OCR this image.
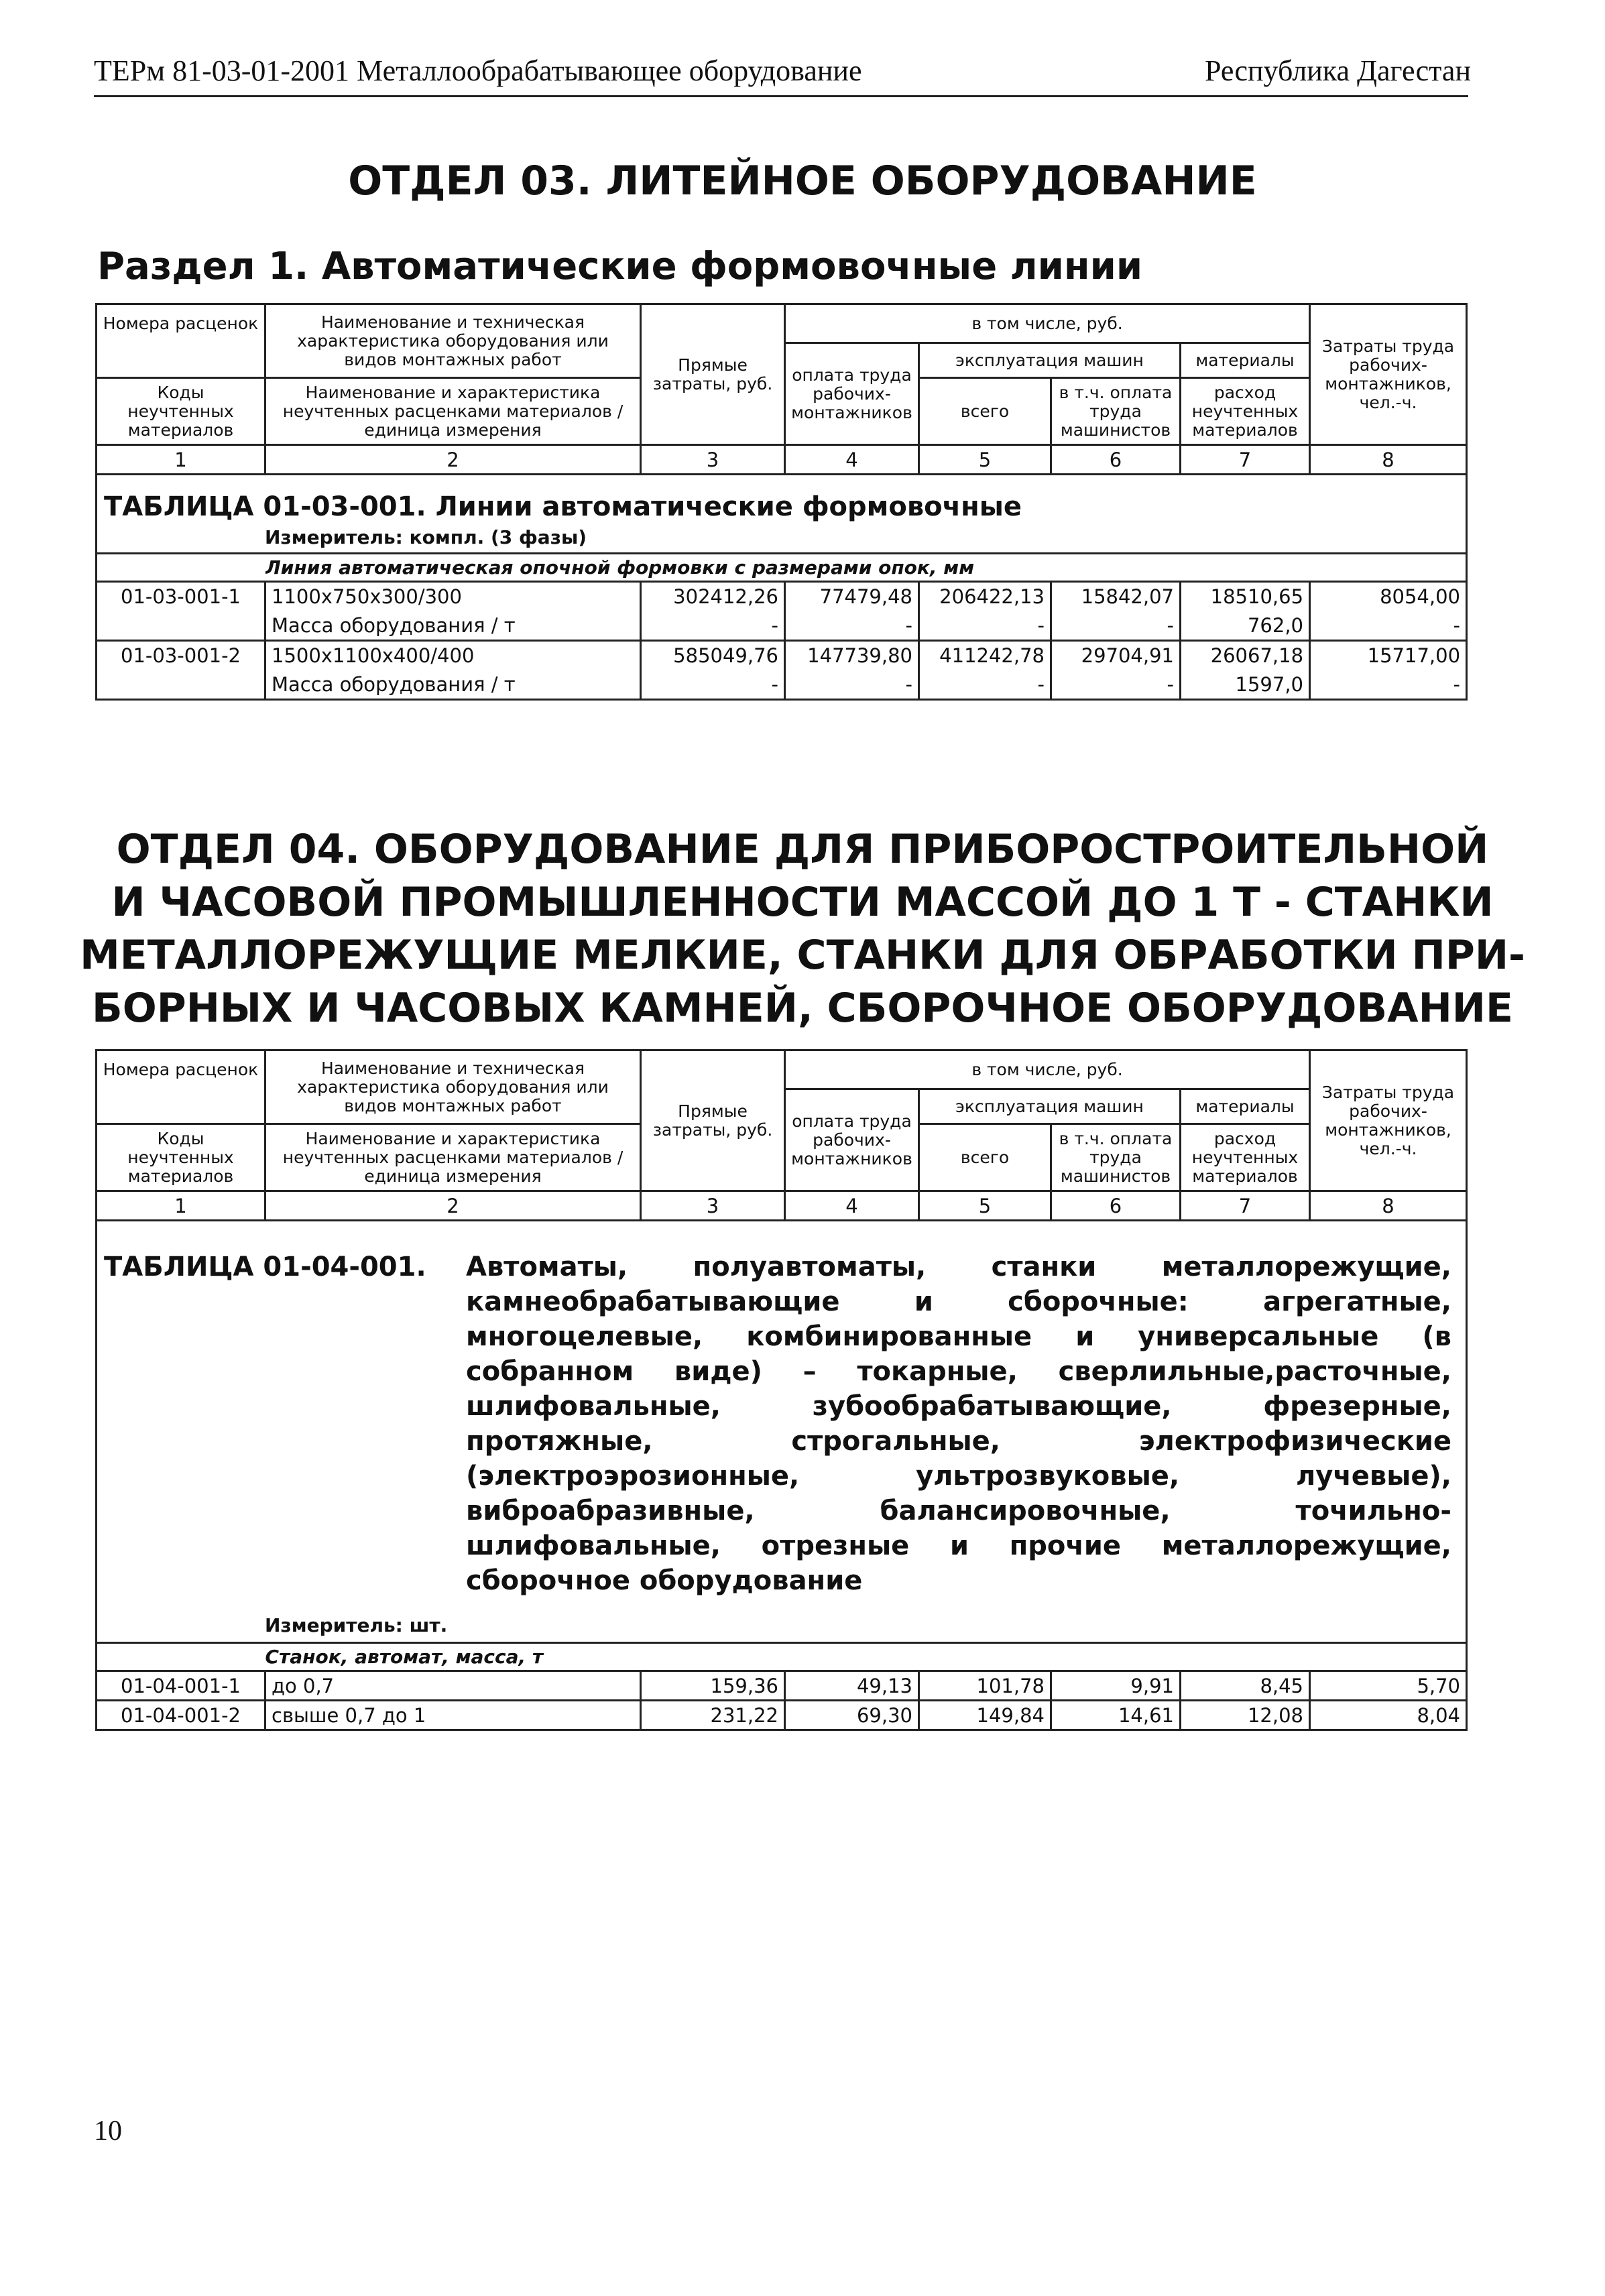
ТЕРм 81-03-01-2001 Металлообрабатывающее оборудование	Республика Дагестан
ОТДЕЛ 03. ЛИТЕЙНОЕ ОБОРУДОВАНИЕ
Раздел 1. Автоматические формовочные линии
Номера расценок	Наименование и техническая характеристика оборудования или видов монтажных работ	Прямые затраты, руб.	в том числе, руб.				Затраты труда рабочих-монтажников, чел.-ч.
			оплата труда рабочих-монтажников	эксплуатация машин		материалы	
Коды неучтенных материалов	Наименование и характеристика неучтенных расценками материалов / единица измерения			всего	в т.ч. оплата труда машинистов	расход неучтенных материалов	
1	2	3	4	5	6	7	8
ТАБЛИЦА 01-03-001. Линии автоматические формовочные							
Измеритель: компл. (3 фазы)							
	Линия автоматическая опочной формовки с размерами опок, мм						
01-03-001-1	1100x750x300/300	302412,26	77479,48	206422,13	15842,07	18510,65	8054,00
	Масса оборудования / т	-	-	-	-	762,0	-
01-03-001-2	1500x1100x400/400	585049,76	147739,80	411242,78	29704,91	26067,18	15717,00
	Масса оборудования / т	-	-	-	-	1597,0	-
ОТДЕЛ 04. ОБОРУДОВАНИЕ ДЛЯ ПРИБОРОСТРОИТЕЛЬНОЙ
И ЧАСОВОЙ ПРОМЫШЛЕННОСТИ МАССОЙ ДО 1 Т - СТАНКИ
МЕТАЛЛОРЕЖУЩИЕ МЕЛКИЕ, СТАНКИ ДЛЯ ОБРАБОТКИ ПРИ-
БОРНЫХ И ЧАСОВЫХ КАМНЕЙ, СБОРОЧНОЕ ОБОРУДОВАНИЕ
Номера расценок	Наименование и техническая характеристика оборудования или видов монтажных работ	Прямые затраты, руб.	в том числе, руб.				Затраты труда рабочих-монтажников, чел.-ч.
			оплата труда рабочих-монтажников	эксплуатация машин		материалы	
Коды неучтенных материалов	Наименование и характеристика неучтенных расценками материалов / единица измерения			всего	в т.ч. оплата труда машинистов	расход неучтенных материалов	
1	2	3	4	5	6	7	8

ТАБЛИЦА 01-04-001. Автоматы, полуавтоматы, станки металлорежущие, камнеобрабатывающие и сборочные: агрегатные, многоцелевые, комбинированные и универсальные (в собранном виде) – токарные, сверлильные,расточные, шлифовальные, зубообрабатывающие, фрезерные, протяжные, строгальные, электрофизические (электроэрозионные, ультрозвуковые, лучевые), виброабразивные, балансировочные, точильно-шлифовальные, отрезные и прочие металлорежущие, сборочное оборудование							

Измеритель: шт.							
	Станок, автомат, масса, т						
01-04-001-1	до 0,7	159,36	49,13	101,78	9,91	8,45	5,70
01-04-001-2	свыше 0,7 до 1	231,22	69,30	149,84	14,61	12,08	8,04
10
